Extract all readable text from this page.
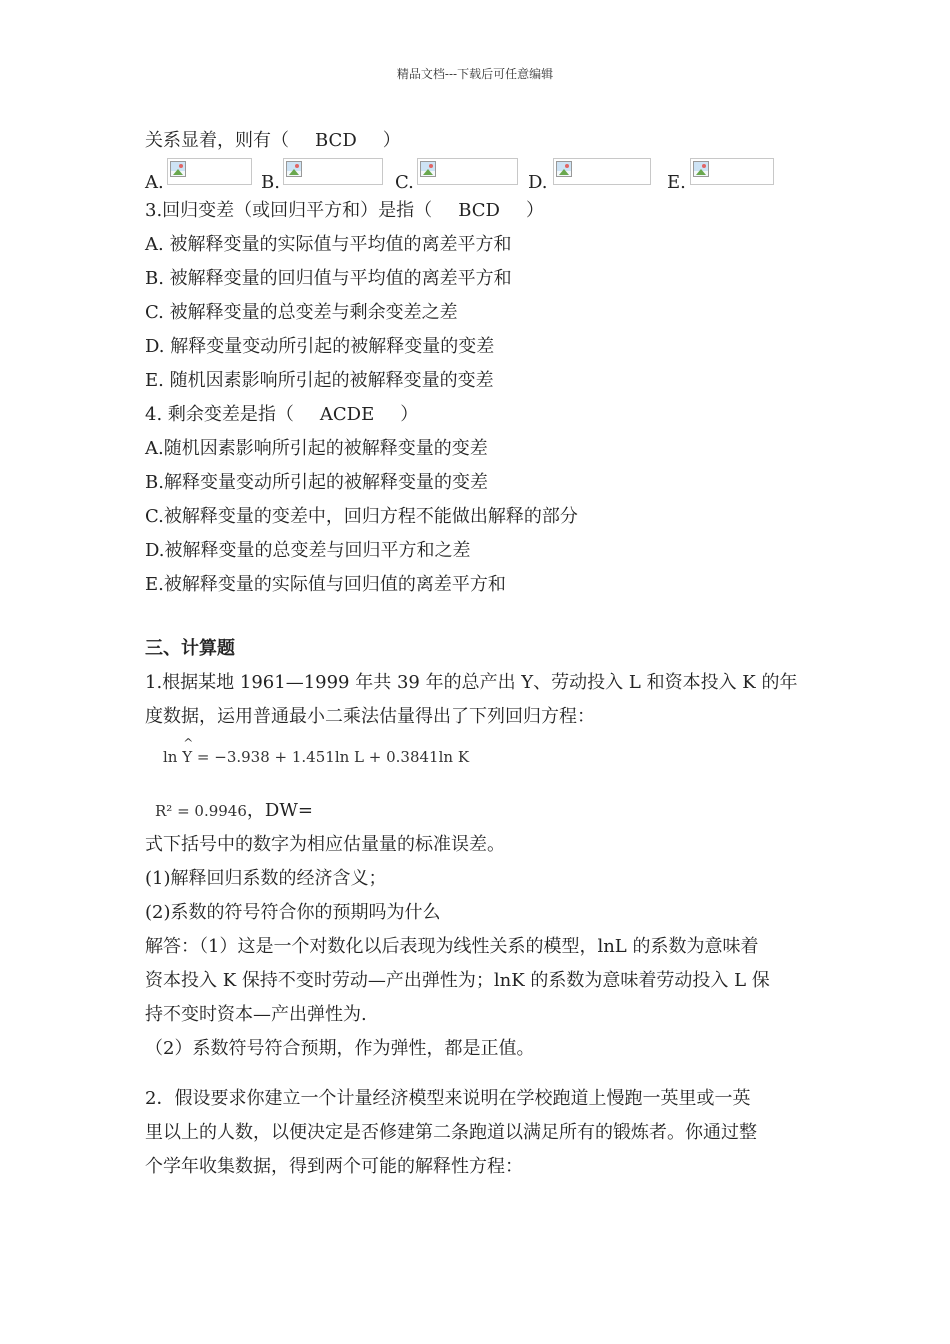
精品文档---下载后可任意编辑
关系显着，则有（ BCD ）
A.	B.	C.	D.	E.
3.回归变差（或回归平方和）是指（ BCD ）
A. 被解释变量的实际值与平均值的离差平方和
B. 被解释变量的回归值与平均值的离差平方和
C. 被解释变量的总变差与剩余变差之差
D. 解释变量变动所引起的被解释变量的变差
E. 随机因素影响所引起的被解释变量的变差
4. 剩余变差是指（ ACDE ）
A.随机因素影响所引起的被解释变量的变差
B.解释变量变动所引起的被解释变量的变差
C.被解释变量的变差中，回归方程不能做出解释的部分
D.被解释变量的总变差与回归平方和之差
E.被解释变量的实际值与回归值的离差平方和
三、计算题
1.根据某地 1961—1999 年共 39 年的总产出 Y、劳动投入 L 和资本投入 K 的年
度数据，运用普通最小二乘法估量得出了下列回归方程：
ln
^
Y = −3.938 + 1.451ln L + 0.3841ln K
R² = 0.9946，DW=
式下括号中的数字为相应估量量的标准误差。
(1)解释回归系数的经济含义；
(2)系数的符号符合你的预期吗为什么
解答：（1）这是一个对数化以后表现为线性关系的模型，lnL 的系数为意味着
资本投入 K 保持不变时劳动—产出弹性为；lnK 的系数为意味着劳动投入 L 保
持不变时资本—产出弹性为.
（2）系数符号符合预期，作为弹性，都是正值。
2．假设要求你建立一个计量经济模型来说明在学校跑道上慢跑一英里或一英
里以上的人数，以便决定是否修建第二条跑道以满足所有的锻炼者。你通过整
个学年收集数据，得到两个可能的解释性方程：
